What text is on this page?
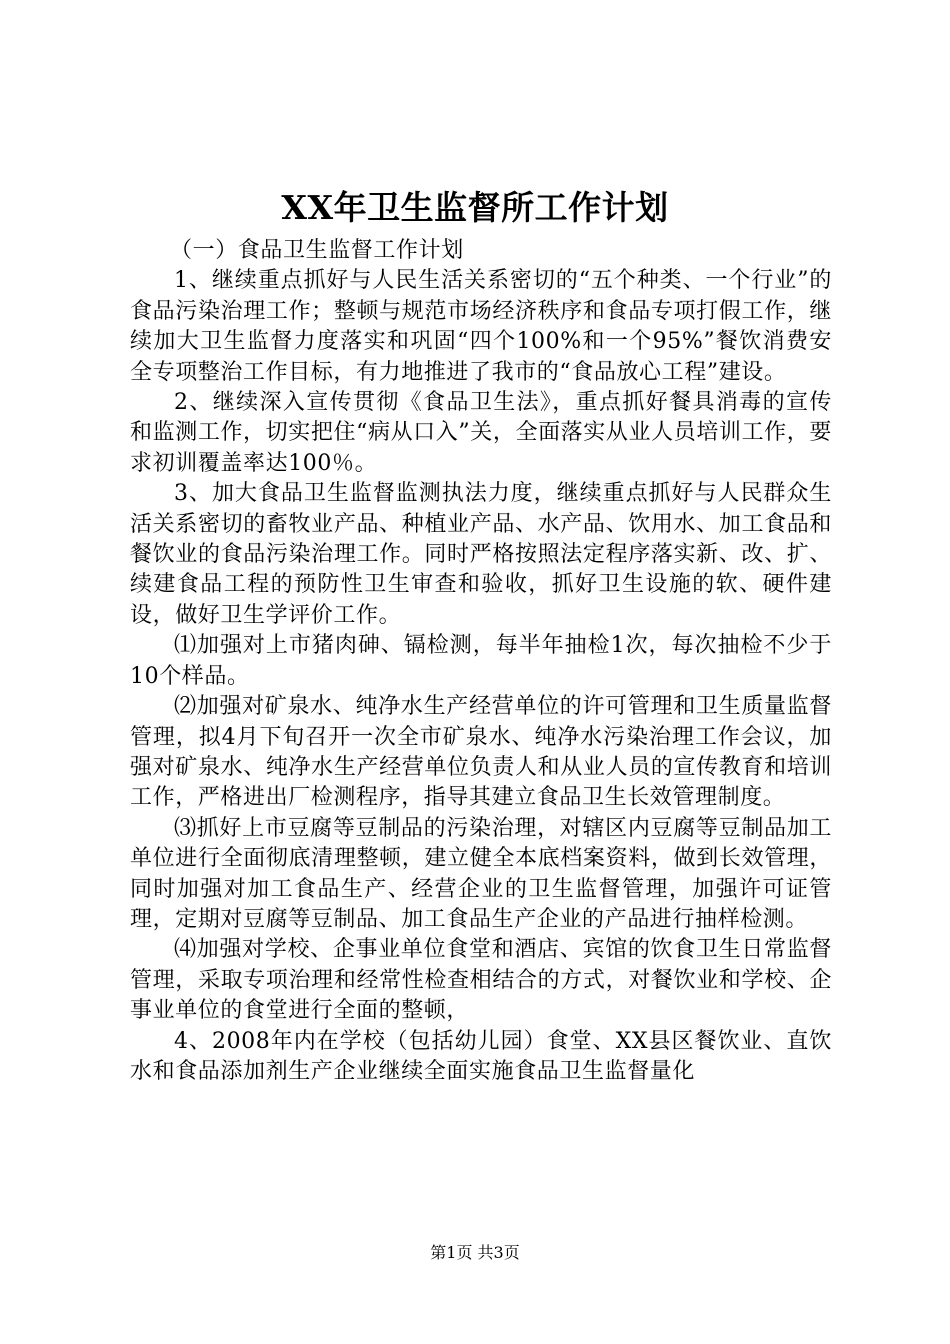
XX年卫生监督所工作计划

（一）食品卫生监督工作计划

1、继续重点抓好与人民生活关系密切的“五个种类、一个行业”的食品污染治理工作；整顿与规范市场经济秩序和食品专项打假工作，继续加大卫生监督力度落实和巩固“四个100%和一个95%”餐饮消费安全专项整治工作目标，有力地推进了我市的“食品放心工程”建设。

2、继续深入宣传贯彻《食品卫生法》，重点抓好餐具消毒的宣传和监测工作，切实把住“病从口入”关，全面落实从业人员培训工作，要求初训覆盖率达100％。

3、加大食品卫生监督监测执法力度，继续重点抓好与人民群众生活关系密切的畜牧业产品、种植业产品、水产品、饮用水、加工食品和餐饮业的食品污染治理工作。同时严格按照法定程序落实新、改、扩、续建食品工程的预防性卫生审查和验收，抓好卫生设施的软、硬件建设，做好卫生学评价工作。

⑴加强对上市猪肉砷、镉检测，每半年抽检1次，每次抽检不少于10个样品。

⑵加强对矿泉水、纯净水生产经营单位的许可管理和卫生质量监督管理，拟4月下旬召开一次全市矿泉水、纯净水污染治理工作会议，加强对矿泉水、纯净水生产经营单位负责人和从业人员的宣传教育和培训工作，严格进出厂检测程序，指导其建立食品卫生长效管理制度。

⑶抓好上市豆腐等豆制品的污染治理，对辖区内豆腐等豆制品加工单位进行全面彻底清理整顿，建立健全本底档案资料，做到长效管理，同时加强对加工食品生产、经营企业的卫生监督管理，加强许可证管理，定期对豆腐等豆制品、加工食品生产企业的产品进行抽样检测。

⑷加强对学校、企事业单位食堂和酒店、宾馆的饮食卫生日常监督管理，采取专项治理和经常性检查相结合的方式，对餐饮业和学校、企事业单位的食堂进行全面的整顿，

4、2008年内在学校（包括幼儿园）食堂、XX县区餐饮业、直饮水和食品添加剂生产企业继续全面实施食品卫生监督量化

第1页 共3页
